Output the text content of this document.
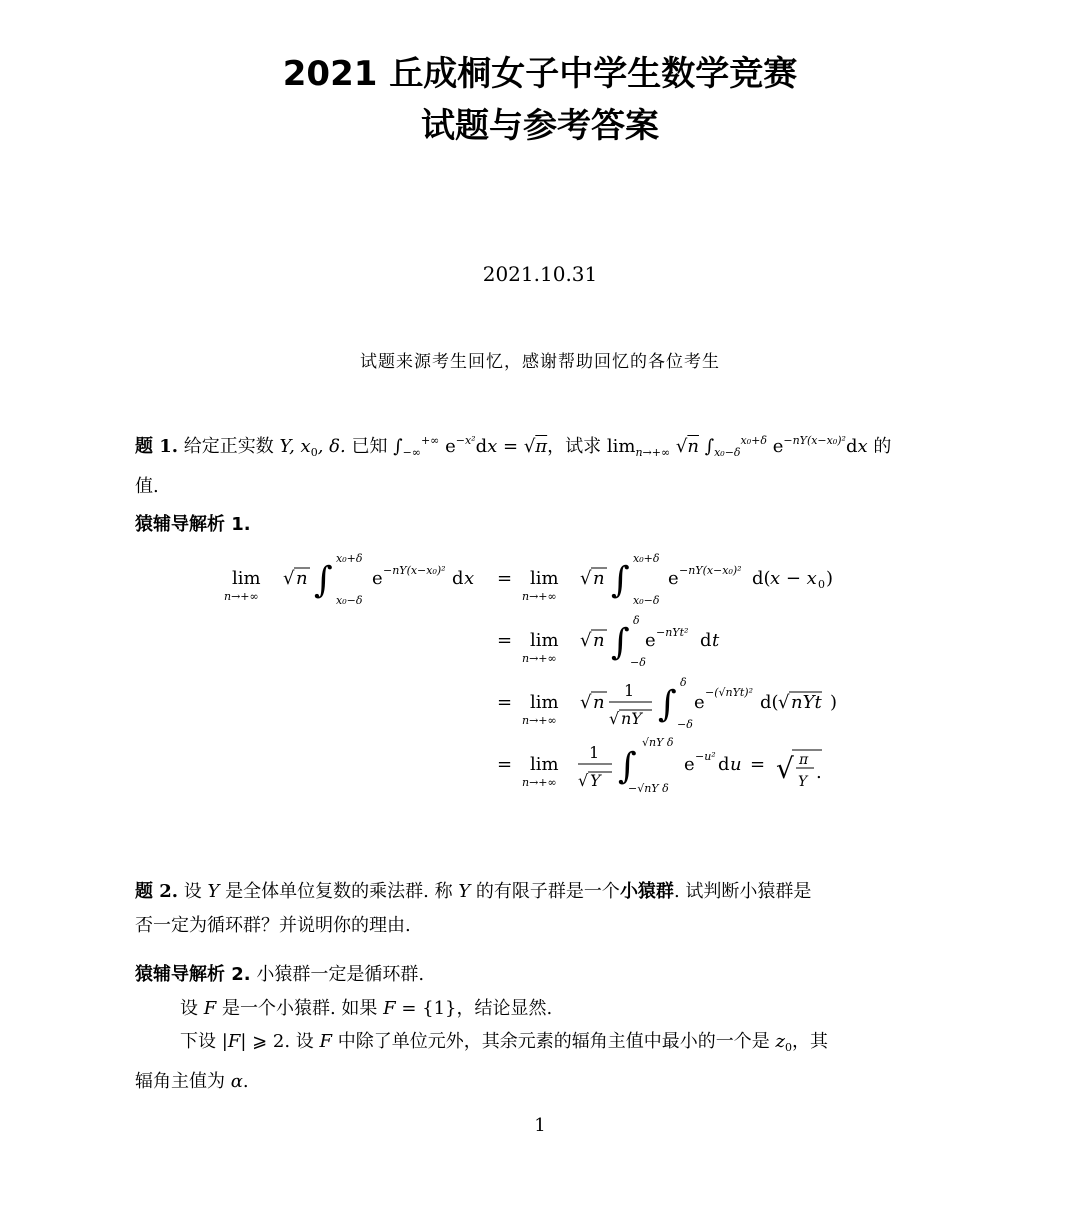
2021 丘成桐女子中学生数学竞赛
试题与参考答案
2021.10.31
试题来源考生回忆，感谢帮助回忆的各位考生
题 1. 给定正实数 Y, $x_0$, δ. 已知 $\int_{-\infty}^{+\infty}$ $e^{-x^2}dx = √\pi$，试求 $\lim_{n\to+\infty} √n$ $\int_{x_0-\delta}^{x_0+\delta}$ $e^{-nY(x-x_0)^2}dx$ 的
值.
猿辅导解析 1.
lim
n→+∞
√ n ∫
x₀+δ
x₀−δ
e −nY(x−x₀)² d x = lim
n→+∞
√ n ∫
x₀+δ
x₀−δ
e −nY(x−x₀)² d( x − x 0 )
= lim
n→+∞
√ n ∫
δ
−δ
e −nYt² d t
= lim
n→+∞
√ n
1
√ nY ∫
δ
−δ
e −(√nYt)² d( √ nYt )
= lim
n→+∞
1
√ Y ∫
√nY δ
−√nY δ
e −u² d u = √ π
Y .
题 2. 设 Y 是全体单位复数的乘法群. 称 Y 的有限子群是一个小猿群. 试判断小猿群是
否一定为循环群？并说明你的理由.
猿辅导解析 2. 小猿群一定是循环群.
设 F 是一个小猿群. 如果 F = {1}，结论显然.
下设 |F| ⩾ 2. 设 F 中除了单位元外，其余元素的辐角主值中最小的一个是 $z_0$，其
辐角主值为 α.
1
